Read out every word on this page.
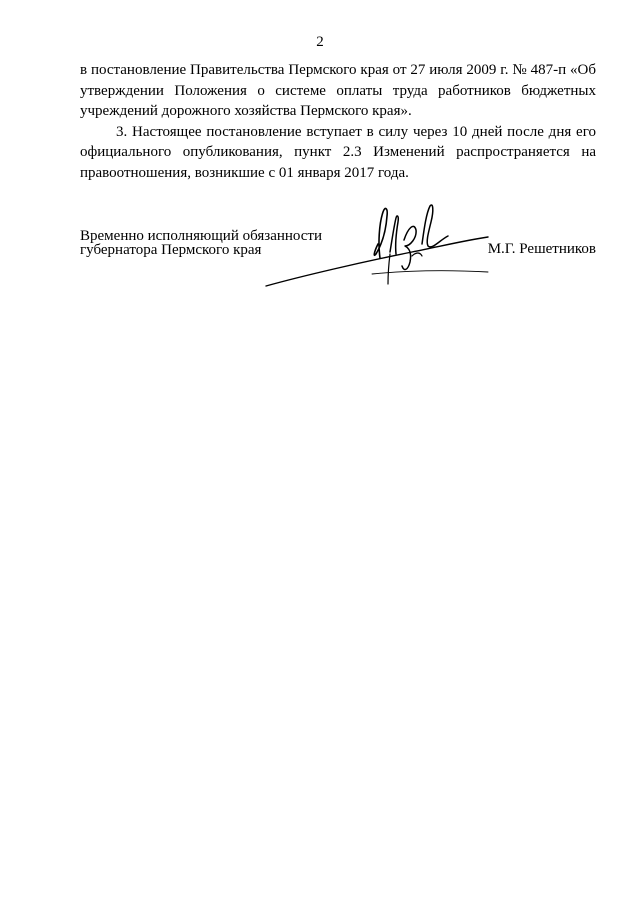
2

в постановление Правительства Пермского края от 27 июля 2009 г. № 487-п «Об утверждении Положения о системе оплаты труда работников бюджетных учреждений дорожного хозяйства Пермского края».

3. Настоящее постановление вступает в силу через 10 дней после дня его официального опубликования, пункт 2.3 Изменений распространяется на правоотношения, возникшие с 01 января 2017 года.

Временно исполняющий обязанности
губернатора Пермского края	М.Г. Решетников
